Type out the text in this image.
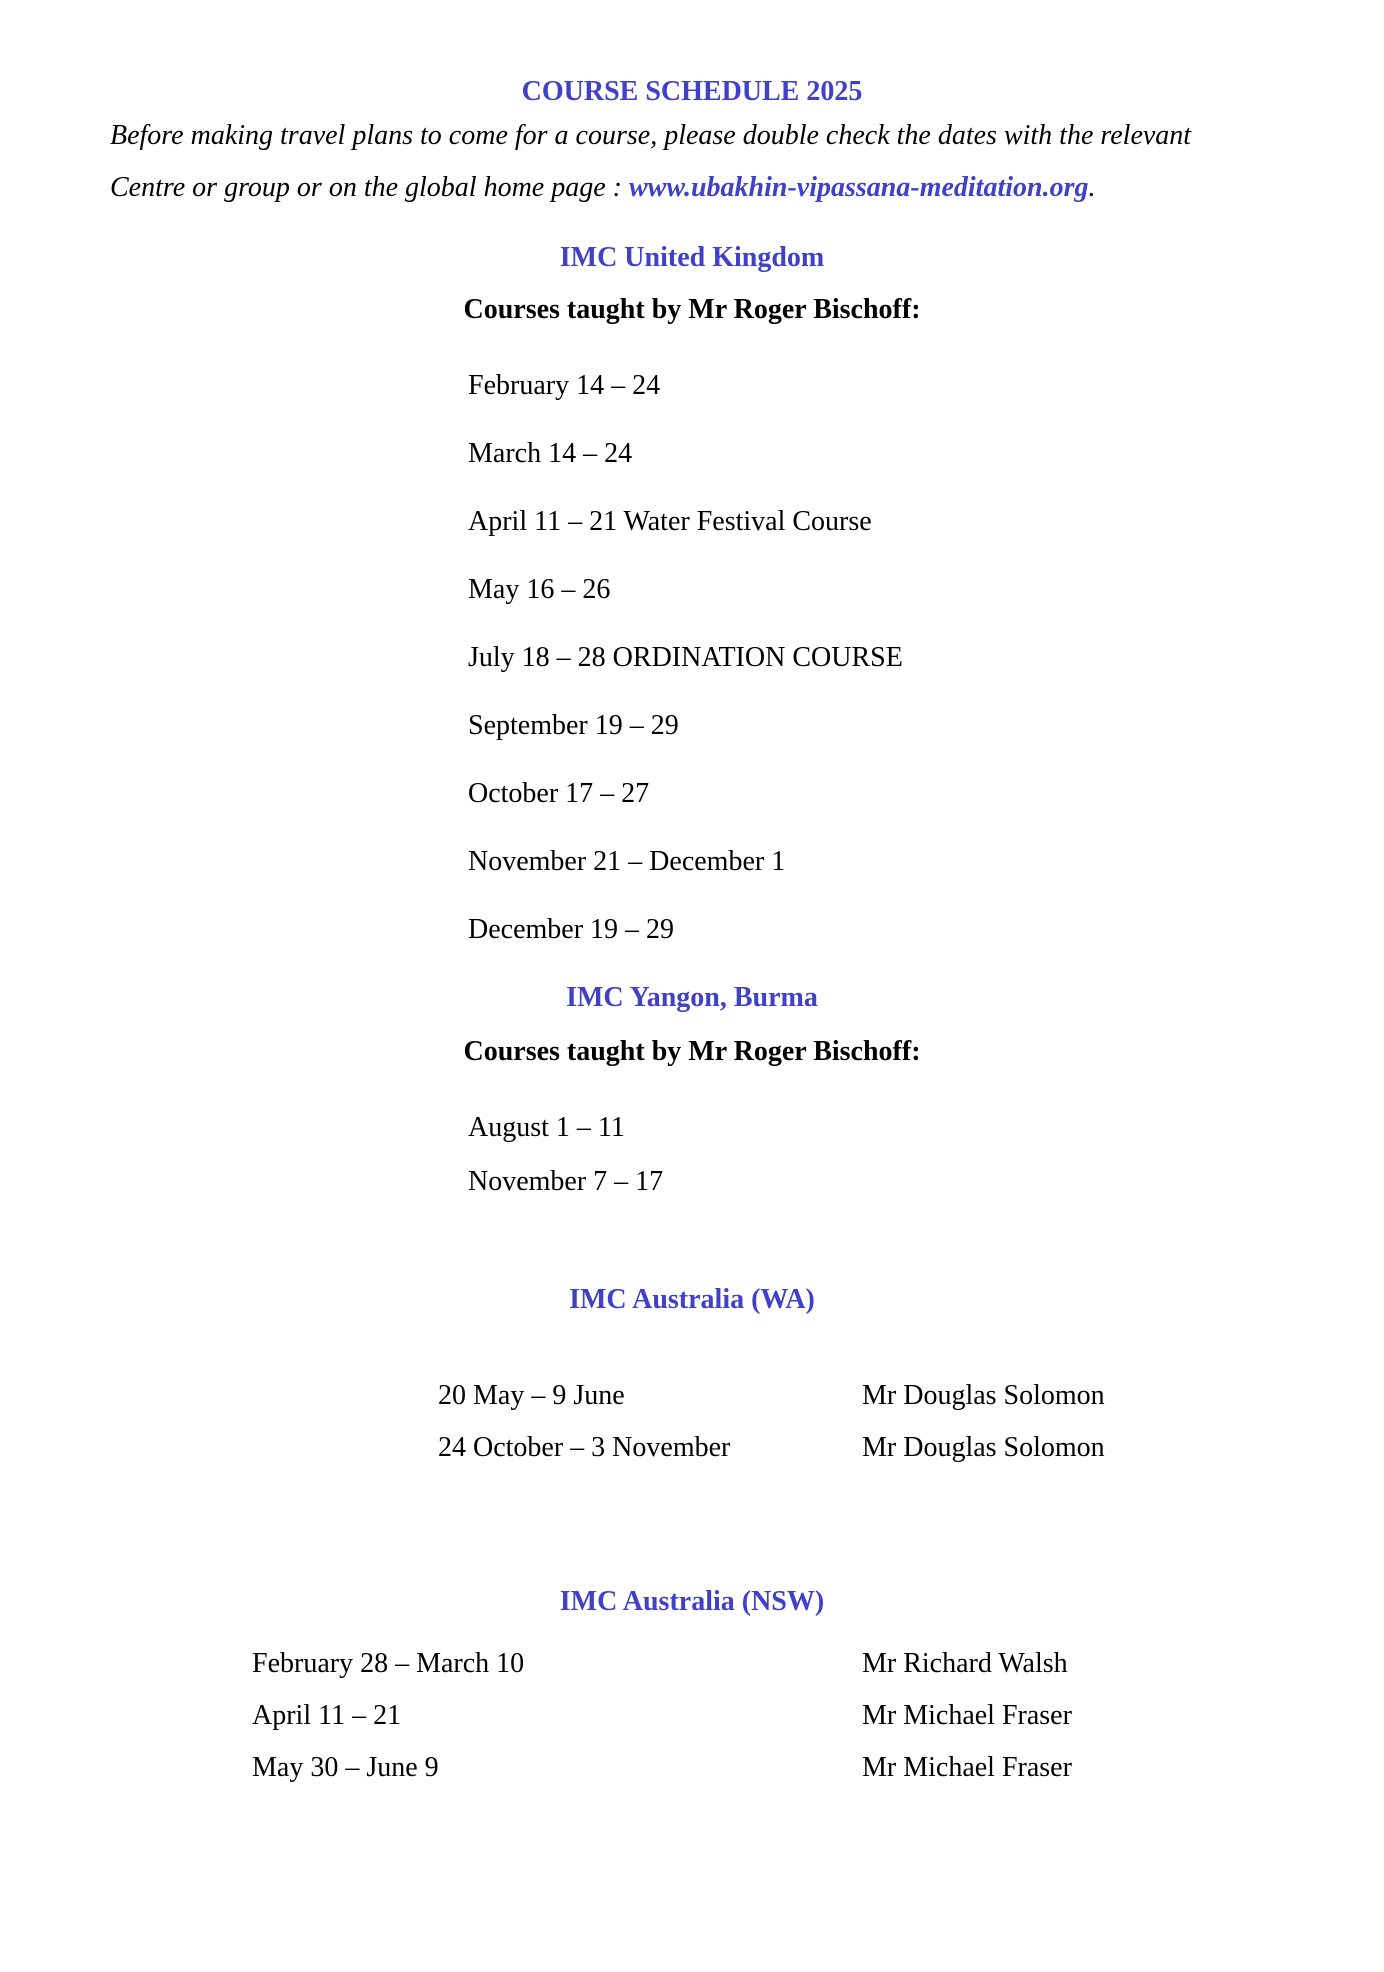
COURSE SCHEDULE 2025
Before making travel plans to come for a course, please double check the dates with the relevant
Centre or group or on the global home page : www.ubakhin-vipassana-meditation.org.
IMC United Kingdom
Courses taught by Mr Roger Bischoff:
February 14 – 24
March 14 – 24
April 11 – 21 Water Festival Course
May 16 – 26
July 18 – 28 ORDINATION COURSE
September 19 – 29
October 17 – 27
November 21 – December 1
December 19 – 29
IMC Yangon, Burma
Courses taught by Mr Roger Bischoff:
August 1 – 11
November 7 – 17
IMC Australia (WA)
20 May – 9 June	Mr Douglas Solomon
24 October – 3 November	Mr Douglas Solomon
IMC Australia (NSW)
February 28 – March 10	Mr Richard Walsh
April 11 – 21	Mr Michael Fraser
May 30 – June 9	Mr Michael Fraser
